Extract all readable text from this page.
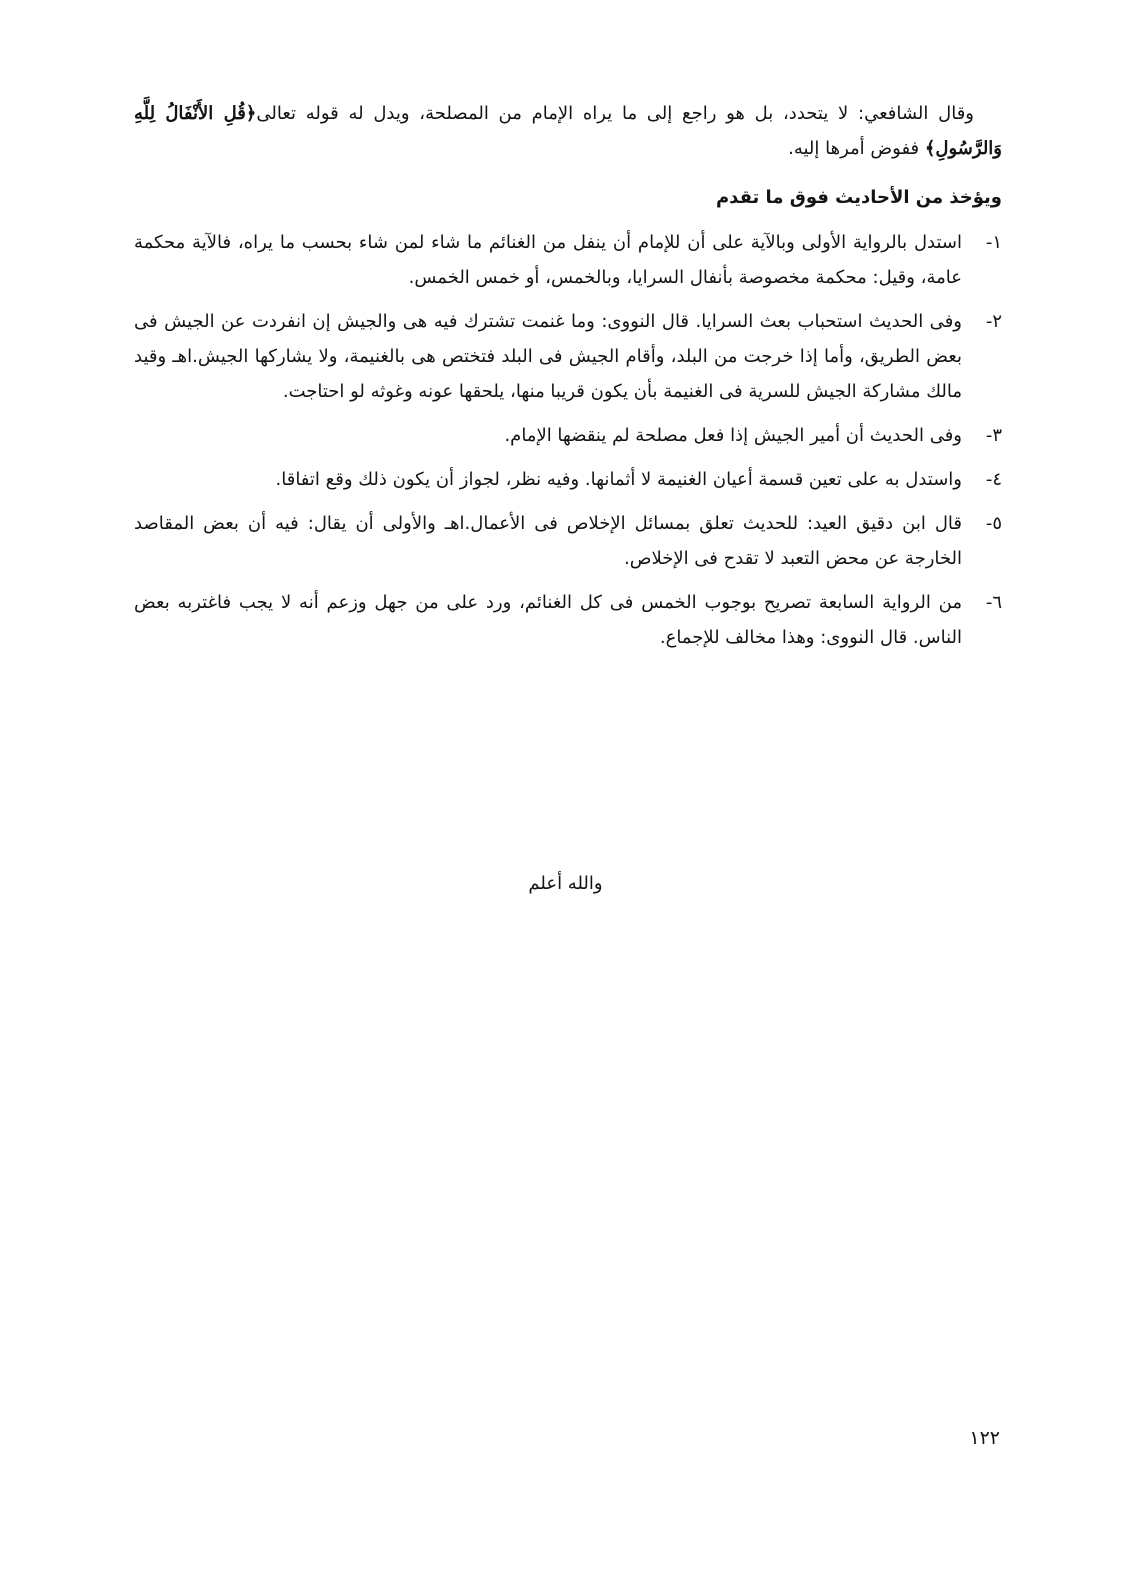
وقال الشافعي: لا يتحدد، بل هو راجع إلى ما يراه الإمام من المصلحة، ويدل له قوله تعالى﴿قُلِ الأَنْفَالُ لِلَّهِ وَالرَّسُولِ﴾ ففوض أمرها إليه.

ويؤخذ من الأحاديث فوق ما تقدم
١-
استدل بالرواية الأولى وبالآية على أن للإمام أن ينفل من الغنائم ما شاء لمن شاء بحسب ما يراه، فالآية محكمة عامة، وقيل: محكمة مخصوصة بأنفال السرايا، وبالخمس، أو خمس الخمس.
٢-
وفى الحديث استحباب بعث السرايا. قال النووى: وما غنمت تشترك فيه هى والجيش إن انفردت عن الجيش فى بعض الطريق، وأما إذا خرجت من البلد، وأقام الجيش فى البلد فتختص هى بالغنيمة، ولا يشاركها الجيش.اهـ وقيد مالك مشاركة الجيش للسرية فى الغنيمة بأن يكون قريبا منها، يلحقها عونه وغوثه لو احتاجت.
٣-
وفى الحديث أن أمير الجيش إذا فعل مصلحة لم ينقضها الإمام.
٤-
واستدل به على تعين قسمة أعيان الغنيمة لا أثمانها. وفيه نظر، لجواز أن يكون ذلك وقع اتفاقا.
٥-
قال ابن دقيق العيد: للحديث تعلق بمسائل الإخلاص فى الأعمال.اهـ والأولى أن يقال: فيه أن بعض المقاصد الخارجة عن محض التعبد لا تقدح فى الإخلاص.
٦-
من الرواية السابعة تصريح بوجوب الخمس فى كل الغنائم، ورد على من جهل وزعم أنه لا يجب فاغتربه بعض الناس. قال النووى: وهذا مخالف للإجماع.
والله أعلم
١٢٢
